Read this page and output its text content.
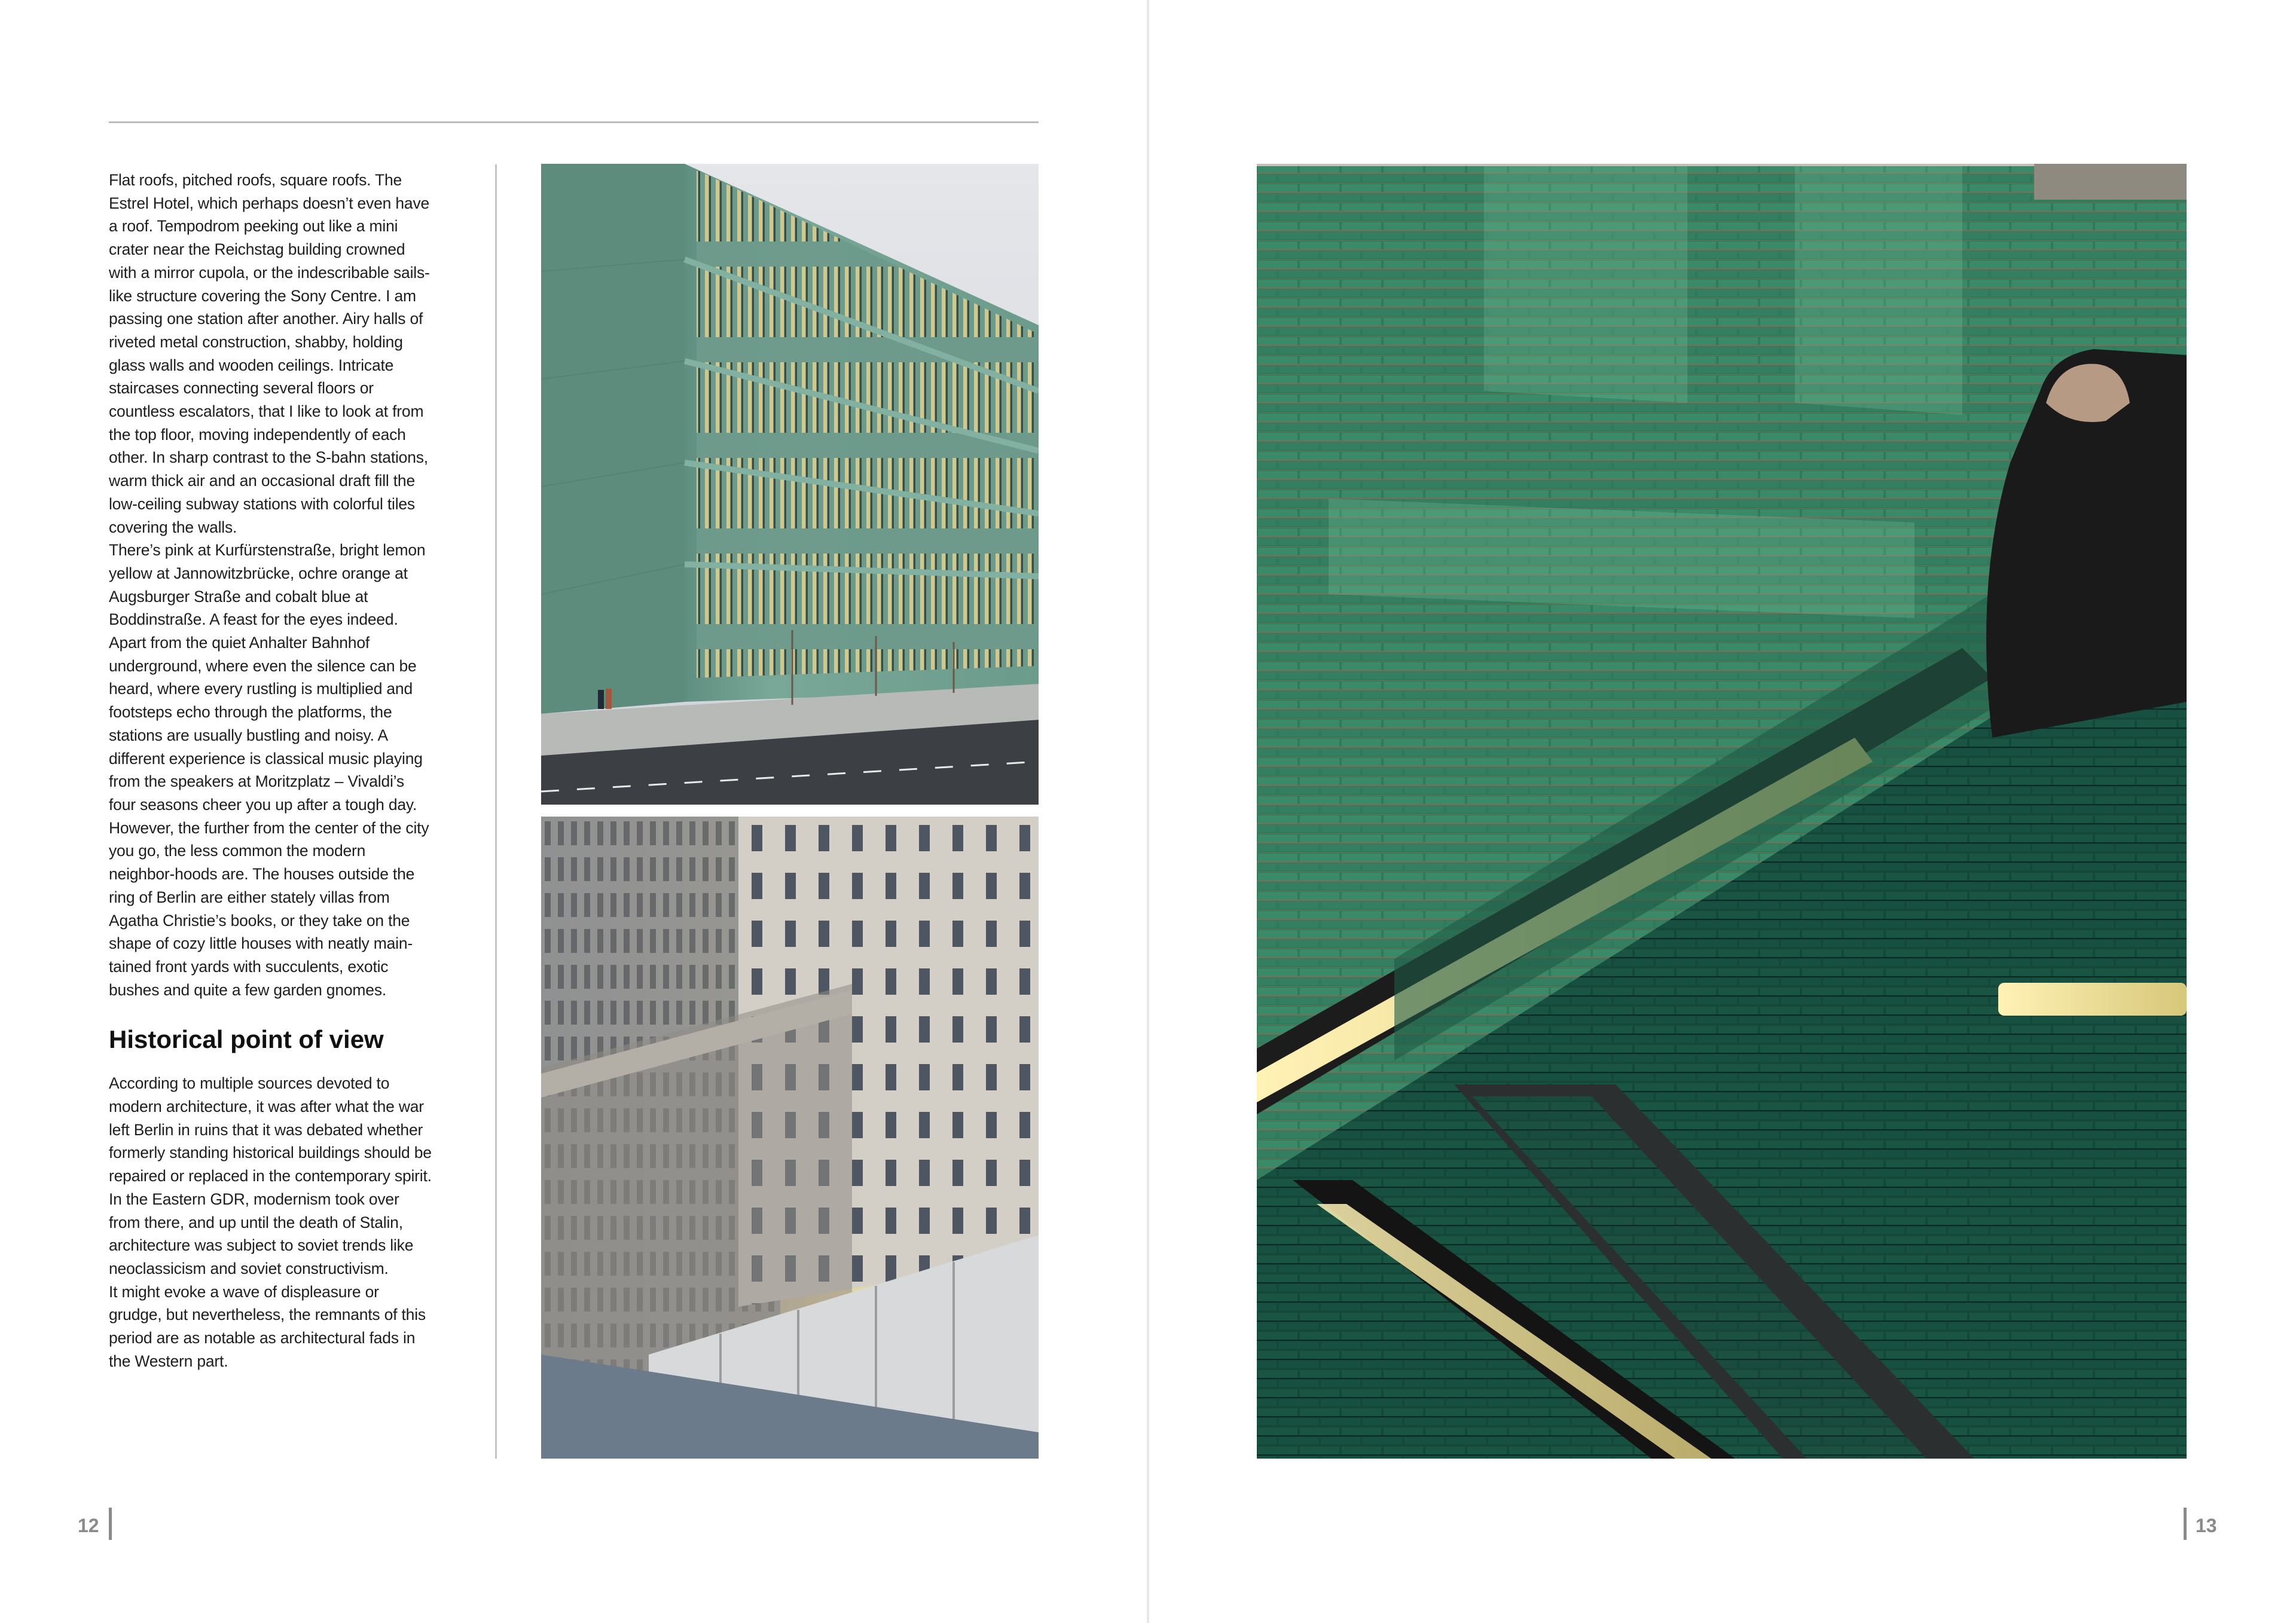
Flat roofs, pitched roofs, square roofs. The Estrel Hotel, which perhaps doesn’t even have a roof. Tempodrom peeking out like a mini crater near the Reichstag building crowned with a mirror cupola, or the indescribable sails-like structure covering the Sony Centre. I am passing one station after another. Airy halls of riveted metal construction, shabby, holding glass walls and wooden ceilings. Intricate staircases connecting several floors or countless escalators, that I like to look at from the top floor, moving independently of each other. In sharp contrast to the S-bahn stations, warm thick air and an occasional draft fill the low-ceiling subway stations with colorful tiles covering the walls.

There’s pink at Kurfürstenstraße, bright lemon yellow at Jannowitzbrücke, ochre orange at Augsburger Straße and cobalt blue at Boddinstraße. A feast for the eyes indeed. Apart from the quiet Anhalter Bahnhof underground, where even the silence can be heard, where every rustling is multiplied and footsteps echo through the platforms, the stations are usually bustling and noisy. A different experience is classical music playing from the speakers at Moritzplatz – Vivaldi’s four seasons cheer you up after a tough day. However, the further from the center of the city you go, the less common the modern neighbor-hoods are. The houses outside the ring of Berlin are either stately villas from Agatha Christie’s books, or they take on the shape of cozy little houses with neatly main-tained front yards with succulents, exotic bushes and quite a few garden gnomes.

Historical point of view

According to multiple sources devoted to modern architecture, it was after what the war left Berlin in ruins that it was debated whether formerly standing historical buildings should be repaired or replaced in the contemporary spirit. In the Eastern GDR, modernism took over from there, and up until the death of Stalin, architecture was subject to soviet trends like neoclassicism and soviet constructivism.

It might evoke a wave of displeasure or grudge, but nevertheless, the remnants of this period are as notable as architectural fads in the Western part.

12	13
